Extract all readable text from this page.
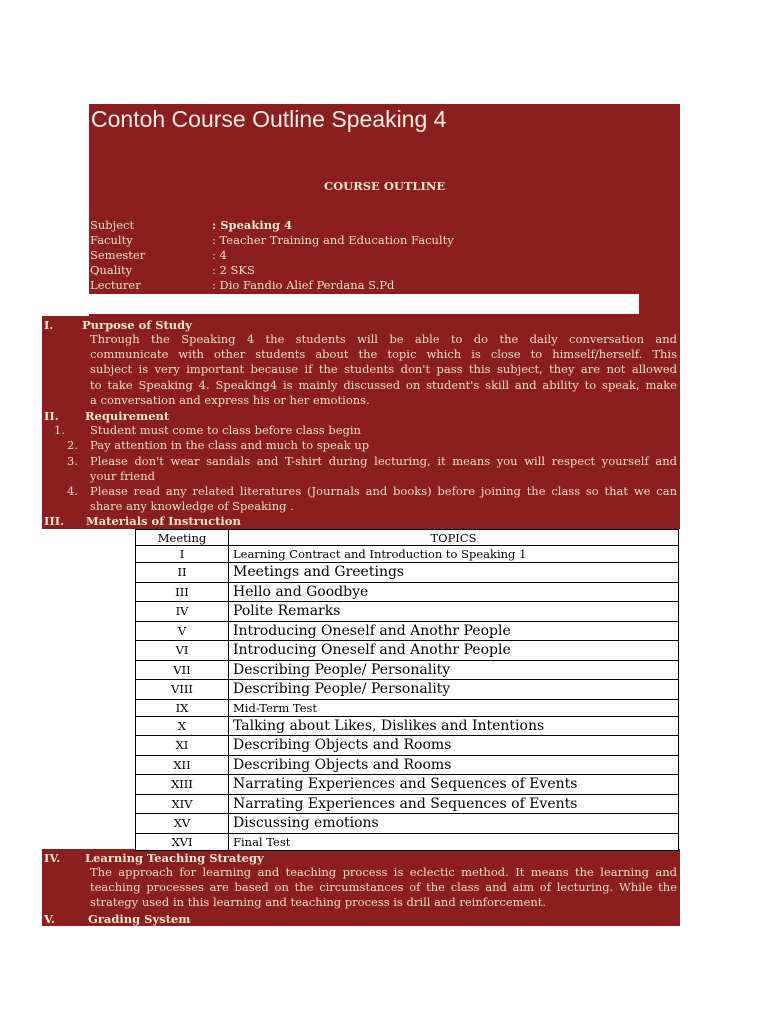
Contoh Course Outline Speaking 4
COURSE OUTLINE
Subject	: Speaking 4
Faculty	: Teacher Training and Education Faculty
Semester	: 4
Quality	: 2 SKS
Lecturer	: Dio Fandio Alief Perdana S.Pd
I. Purpose of Study
Through the Speaking 4 the students will be able to do the daily conversation and
communicate with other students about the topic which is close to himself/herself. This
subject is very important because if the students don't pass this subject, they are not allowed
to take Speaking 4. Speaking4 is mainly discussed on student's skill and ability to speak, make
a conversation and express his or her emotions.
II. Requirement
1. Student must come to class before class begin
2. Pay attention in the class and much to speak up
3. Please don't wear sandals and T-shirt during lecturing, it means you will respect yourself and
your friend
4. Please read any related literatures (Journals and books) before joining the class so that we can
share any knowledge of Speaking .
III. Materials of Instruction
Meeting	TOPICS
I	Learning Contract and Introduction to Speaking 1
II	Meetings and Greetings
III	Hello and Goodbye
IV	Polite Remarks
V	Introducing Oneself and Anothr People
VI	Introducing Oneself and Anothr People
VII	Describing People/ Personality
VIII	Describing People/ Personality
IX	Mid-Term Test
X	Talking about Likes, Dislikes and Intentions
XI	Describing Objects and Rooms
XII	Describing Objects and Rooms
XIII	Narrating Experiences and Sequences of Events
XIV	Narrating Experiences and Sequences of Events
XV	Discussing emotions
XVI	Final Test
IV. Learning Teaching Strategy
The approach for learning and teaching process is eclectic method. It means the learning and
teaching processes are based on the circumstances of the class and aim of lecturing. While the
strategy used in this learning and teaching process is drill and reinforcement.
V.	Grading System
